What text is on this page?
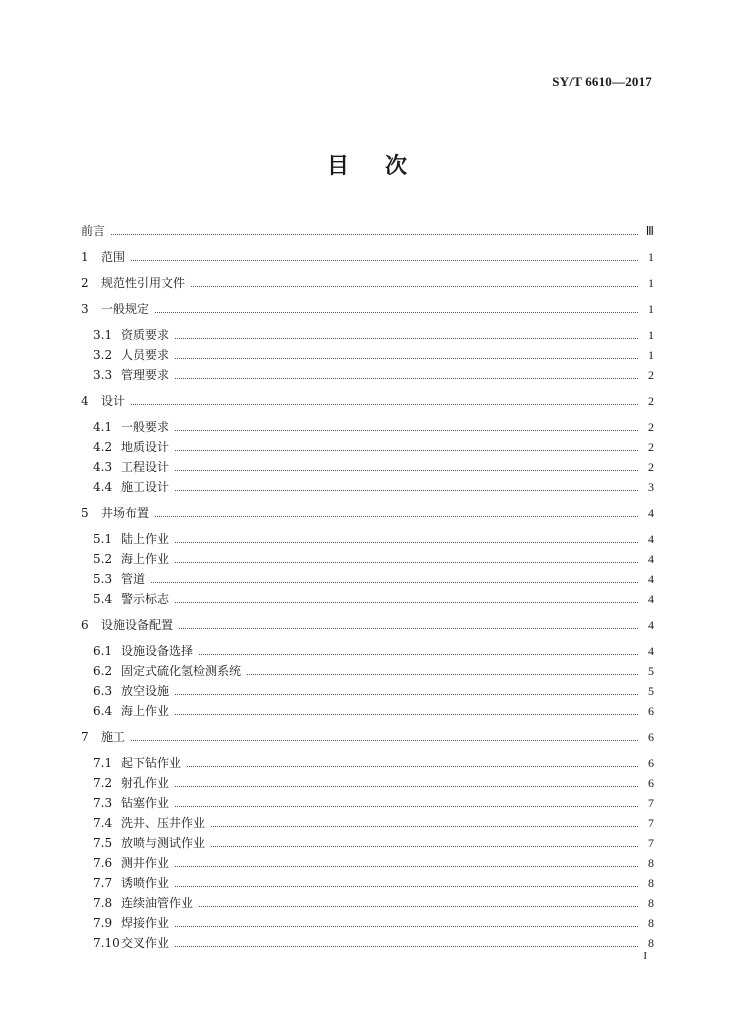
SY/T 6610—2017
目 次
前言	Ⅲ
1	范围	1
2	规范性引用文件	1
3	一般规定	1
3.1 资质要求	1
3.2 人员要求	1
3.3 管理要求	2
4	设计	2
4.1 一般要求	2
4.2 地质设计	2
4.3 工程设计	2
4.4 施工设计	3
5	井场布置	4
5.1 陆上作业	4
5.2 海上作业	4
5.3 管道	4
5.4 警示标志	4
6	设施设备配置	4
6.1 设施设备选择	4
6.2 固定式硫化氢检测系统	5
6.3 放空设施	5
6.4 海上作业	6
7	施工	6
7.1 起下钻作业	6
7.2 射孔作业	6
7.3 钻塞作业	7
7.4 洗井、压井作业	7
7.5 放喷与测试作业	7
7.6 测井作业	8
7.7 诱喷作业	8
7.8 连续油管作业	8
7.9 焊接作业	8
7.10 交叉作业	8
I
